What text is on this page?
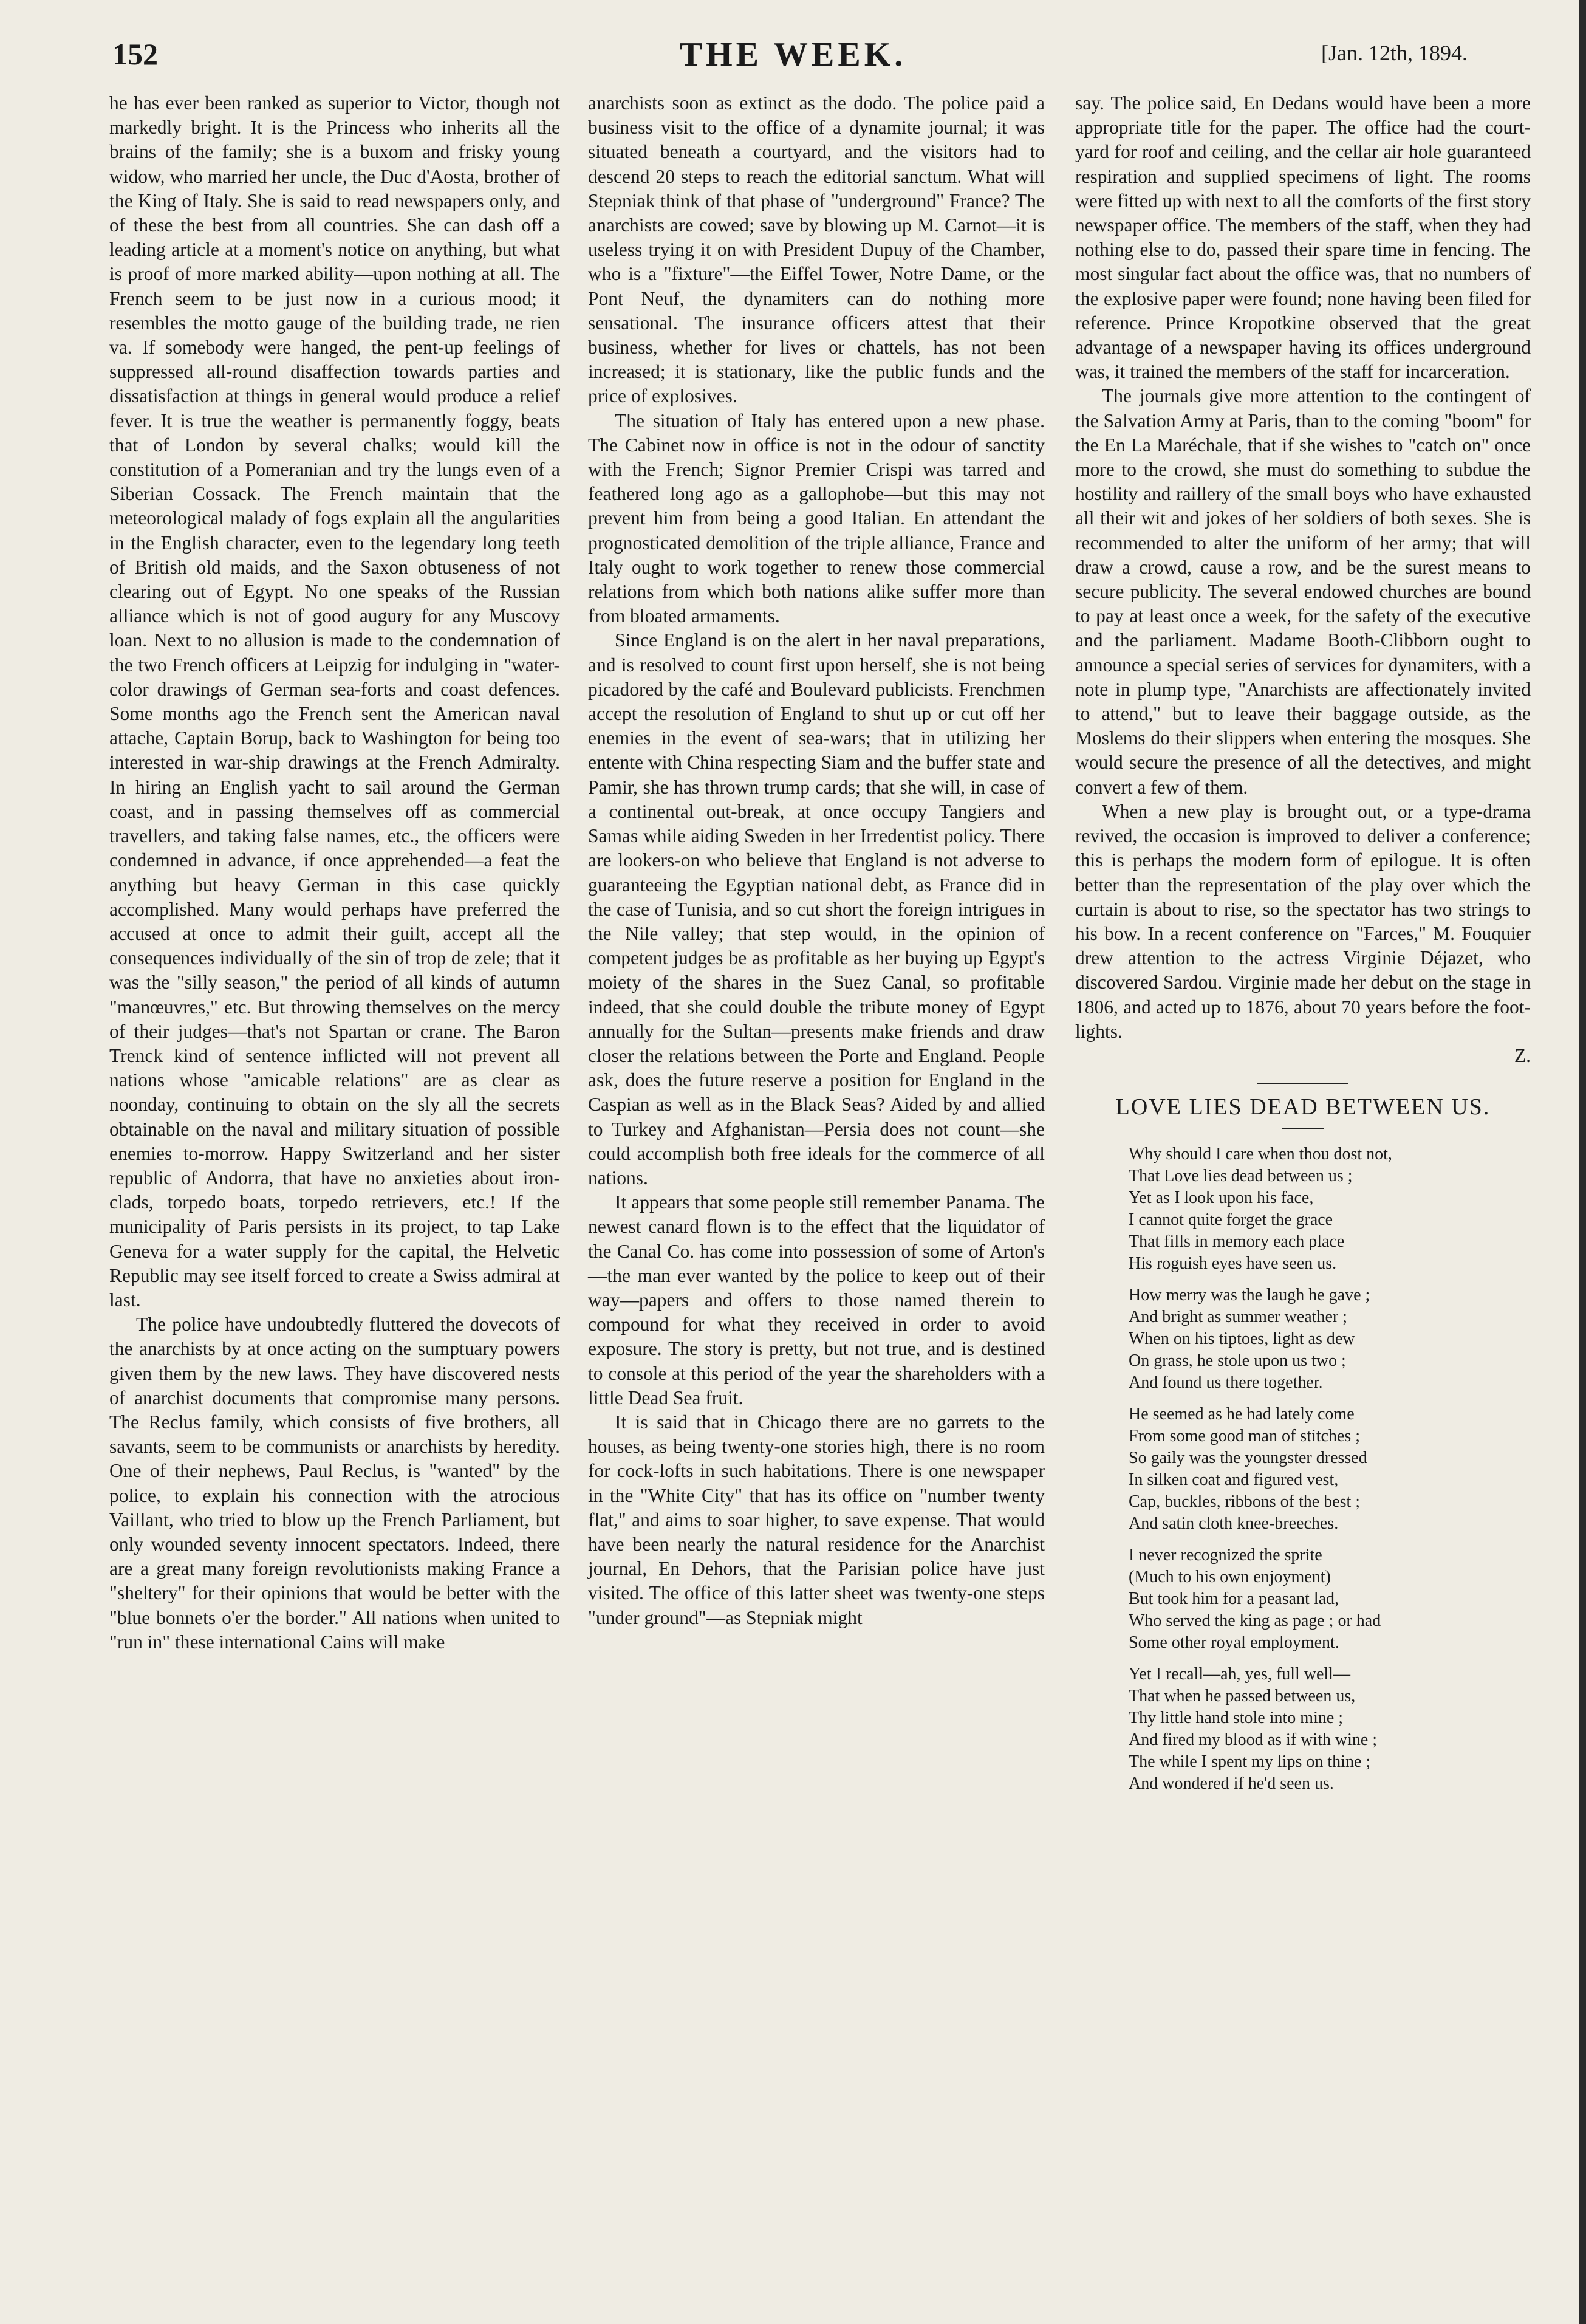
152	THE WEEK.	[Jan. 12th, 1894.

he has ever been ranked as superior to Victor, though not markedly bright. It is the Princess who inherits all the brains of the family; she is a buxom and frisky young widow, who married her uncle, the Duc d'Aosta, brother of the King of Italy. She is said to read newspapers only, and of these the best from all countries. She can dash off a leading article at a moment's notice on anything, but what is proof of more marked ability—upon nothing at all. The French seem to be just now in a curious mood; it resembles the motto gauge of the building trade, ne rien va. If somebody were hanged, the pent-up feelings of suppressed all-round disaffection towards parties and dissatisfaction at things in general would produce a relief fever. It is true the weather is permanently foggy, beats that of London by several chalks; would kill the constitution of a Pomeranian and try the lungs even of a Siberian Cossack. The French maintain that the meteorological malady of fogs explain all the angularities in the English character, even to the legendary long teeth of British old maids, and the Saxon obtuseness of not clearing out of Egypt. No one speaks of the Russian alliance which is not of good augury for any Muscovy loan. Next to no allusion is made to the condemnation of the two French officers at Leipzig for indulging in "water-color drawings of German sea-forts and coast defences. Some months ago the French sent the American naval attache, Captain Borup, back to Washington for being too interested in war-ship drawings at the French Admiralty. In hiring an English yacht to sail around the German coast, and in passing themselves off as commercial travellers, and taking false names, etc., the officers were condemned in advance, if once apprehended—a feat the anything but heavy German in this case quickly accomplished. Many would perhaps have preferred the accused at once to admit their guilt, accept all the consequences individually of the sin of trop de zele; that it was the "silly season," the period of all kinds of autumn "manœuvres," etc. But throwing themselves on the mercy of their judges—that's not Spartan or crane. The Baron Trenck kind of sentence inflicted will not prevent all nations whose "amicable relations" are as clear as noonday, continuing to obtain on the sly all the secrets obtainable on the naval and military situation of possible enemies to-morrow. Happy Switzerland and her sister republic of Andorra, that have no anxieties about iron-clads, torpedo boats, torpedo retrievers, etc.! If the municipality of Paris persists in its project, to tap Lake Geneva for a water supply for the capital, the Helvetic Republic may see itself forced to create a Swiss admiral at last.

The police have undoubtedly fluttered the dovecots of the anarchists by at once acting on the sumptuary powers given them by the new laws. They have discovered nests of anarchist documents that compromise many persons. The Reclus family, which consists of five brothers, all savants, seem to be communists or anarchists by heredity. One of their nephews, Paul Reclus, is "wanted" by the police, to explain his connection with the atrocious Vaillant, who tried to blow up the French Parliament, but only wounded seventy innocent spectators. Indeed, there are a great many foreign revolutionists making France a "sheltery" for their opinions that would be better with the "blue bonnets o'er the border." All nations when united to "run in" these international Cains will make

anarchists soon as extinct as the dodo. The police paid a business visit to the office of a dynamite journal; it was situated beneath a courtyard, and the visitors had to descend 20 steps to reach the editorial sanctum. What will Stepniak think of that phase of "underground" France? The anarchists are cowed; save by blowing up M. Carnot—it is useless trying it on with President Dupuy of the Chamber, who is a "fixture"—the Eiffel Tower, Notre Dame, or the Pont Neuf, the dynamiters can do nothing more sensational. The insurance officers attest that their business, whether for lives or chattels, has not been increased; it is stationary, like the public funds and the price of explosives.

The situation of Italy has entered upon a new phase. The Cabinet now in office is not in the odour of sanctity with the French; Signor Premier Crispi was tarred and feathered long ago as a gallophobe—but this may not prevent him from being a good Italian. En attendant the prognosticated demolition of the triple alliance, France and Italy ought to work together to renew those commercial relations from which both nations alike suffer more than from bloated armaments.

Since England is on the alert in her naval preparations, and is resolved to count first upon herself, she is not being picadored by the café and Boulevard publicists. Frenchmen accept the resolution of England to shut up or cut off her enemies in the event of sea-wars; that in utilizing her entente with China respecting Siam and the buffer state and Pamir, she has thrown trump cards; that she will, in case of a continental out-break, at once occupy Tangiers and Samas while aiding Sweden in her Irredentist policy. There are lookers-on who believe that England is not adverse to guaranteeing the Egyptian national debt, as France did in the case of Tunisia, and so cut short the foreign intrigues in the Nile valley; that step would, in the opinion of competent judges be as profitable as her buying up Egypt's moiety of the shares in the Suez Canal, so profitable indeed, that she could double the tribute money of Egypt annually for the Sultan—presents make friends and draw closer the relations between the Porte and England. People ask, does the future reserve a position for England in the Caspian as well as in the Black Seas? Aided by and allied to Turkey and Afghanistan—Persia does not count—she could accomplish both free ideals for the commerce of all nations.

It appears that some people still remember Panama. The newest canard flown is to the effect that the liquidator of the Canal Co. has come into possession of some of Arton's—the man ever wanted by the police to keep out of their way—papers and offers to those named therein to compound for what they received in order to avoid exposure. The story is pretty, but not true, and is destined to console at this period of the year the shareholders with a little Dead Sea fruit.

It is said that in Chicago there are no garrets to the houses, as being twenty-one stories high, there is no room for cock-lofts in such habitations. There is one newspaper in the "White City" that has its office on "number twenty flat," and aims to soar higher, to save expense. That would have been nearly the natural residence for the Anarchist journal, En Dehors, that the Parisian police have just visited. The office of this latter sheet was twenty-one steps "under ground"—as Stepniak might

say. The police said, En Dedans would have been a more appropriate title for the paper. The office had the court-yard for roof and ceiling, and the cellar air hole guaranteed respiration and supplied specimens of light. The rooms were fitted up with next to all the comforts of the first story newspaper office. The members of the staff, when they had nothing else to do, passed their spare time in fencing. The most singular fact about the office was, that no numbers of the explosive paper were found; none having been filed for reference. Prince Kropotkine observed that the great advantage of a newspaper having its offices underground was, it trained the members of the staff for incarceration.

The journals give more attention to the contingent of the Salvation Army at Paris, than to the coming "boom" for the En La Maréchale, that if she wishes to "catch on" once more to the crowd, she must do something to subdue the hostility and raillery of the small boys who have exhausted all their wit and jokes of her soldiers of both sexes. She is recommended to alter the uniform of her army; that will draw a crowd, cause a row, and be the surest means to secure publicity. The several endowed churches are bound to pay at least once a week, for the safety of the executive and the parliament. Madame Booth-Clibborn ought to announce a special series of services for dynamiters, with a note in plump type, "Anarchists are affectionately invited to attend," but to leave their baggage outside, as the Moslems do their slippers when entering the mosques. She would secure the presence of all the detectives, and might convert a few of them.

When a new play is brought out, or a type-drama revived, the occasion is improved to deliver a conference; this is perhaps the modern form of epilogue. It is often better than the representation of the play over which the curtain is about to rise, so the spectator has two strings to his bow. In a recent conference on "Farces," M. Fouquier drew attention to the actress Virginie Déjazet, who discovered Sardou. Virginie made her debut on the stage in 1806, and acted up to 1876, about 70 years before the foot-lights.

Z.

LOVE LIES DEAD BETWEEN US.
Why should I care when thou dost not,
That Love lies dead between us ;
Yet as I look upon his face,
I cannot quite forget the grace
That fills in memory each place
His roguish eyes have seen us.
How merry was the laugh he gave ;
And bright as summer weather ;
When on his tiptoes, light as dew
On grass, he stole upon us two ;
And found us there together.
He seemed as he had lately come
From some good man of stitches ;
So gaily was the youngster dressed
In silken coat and figured vest,
Cap, buckles, ribbons of the best ;
And satin cloth knee-breeches.
I never recognized the sprite
(Much to his own enjoyment)
But took him for a peasant lad,
Who served the king as page ; or had
Some other royal employment.
Yet I recall—ah, yes, full well—
That when he passed between us,
Thy little hand stole into mine ;
And fired my blood as if with wine ;
The while I spent my lips on thine ;
And wondered if he'd seen us.
